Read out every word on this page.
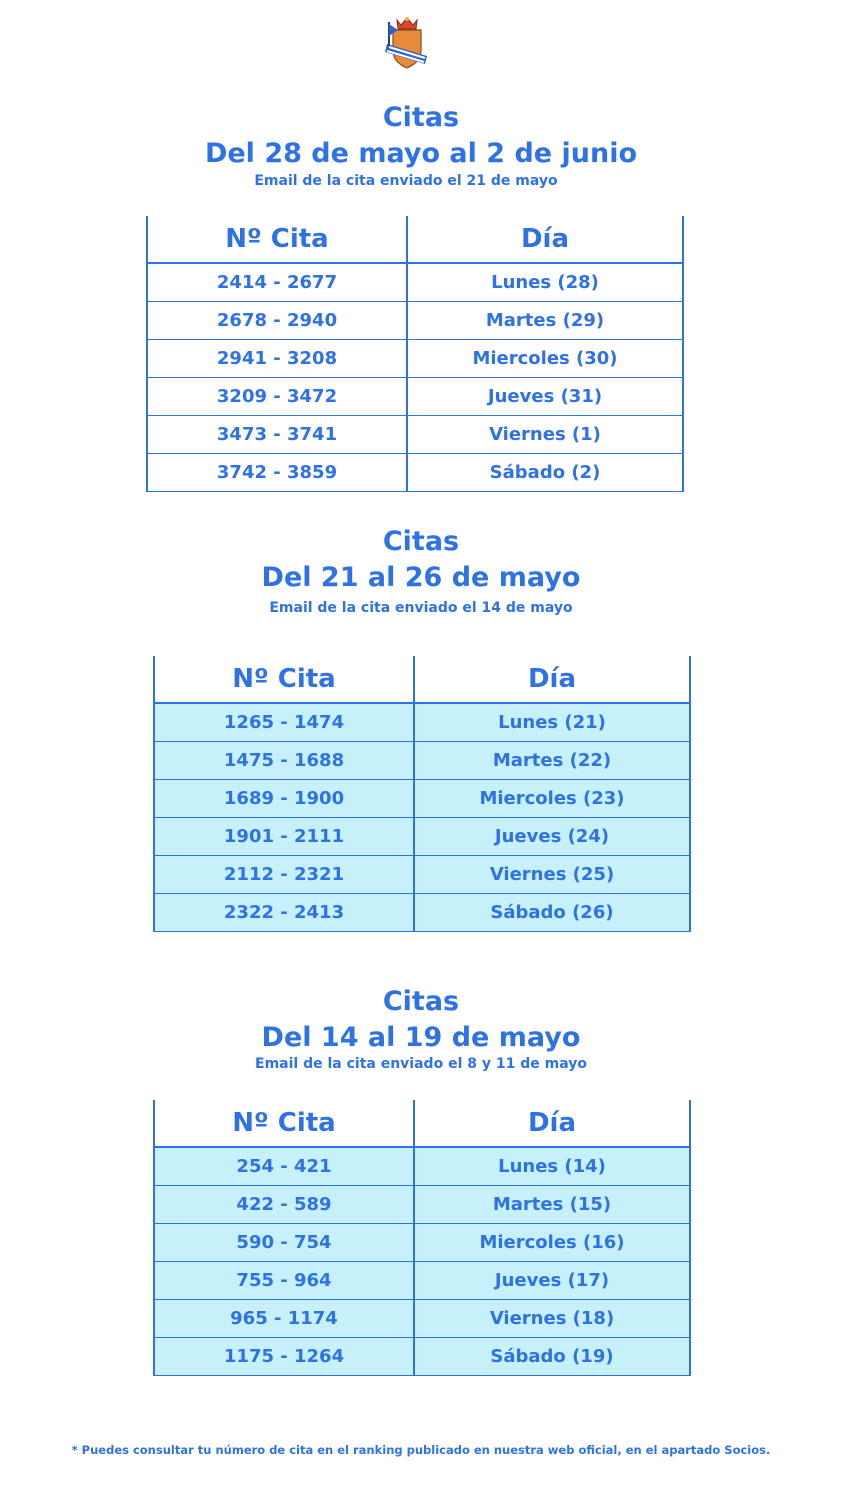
Citas
Del 28 de mayo al 2 de junio
Email de la cita enviado el 21 de mayo
Nº Cita	Día
2414 - 2677	Lunes (28)
2678 - 2940	Martes (29)
2941 - 3208	Miercoles (30)
3209 - 3472	Jueves (31)
3473 - 3741	Viernes (1)
3742 - 3859	Sábado (2)
Citas
Del 21 al 26 de mayo
Email de la cita enviado el 14 de mayo
Nº Cita	Día
1265 - 1474	Lunes (21)
1475 - 1688	Martes (22)
1689 - 1900	Miercoles (23)
1901 - 2111	Jueves (24)
2112 - 2321	Viernes (25)
2322 - 2413	Sábado (26)
Citas
Del 14 al 19 de mayo
Email de la cita enviado el 8 y 11 de mayo
Nº Cita	Día
254 - 421	Lunes (14)
422 - 589	Martes (15)
590 - 754	Miercoles (16)
755 - 964	Jueves (17)
965 - 1174	Viernes (18)
1175 - 1264	Sábado (19)
* Puedes consultar tu número de cita en el ranking publicado en nuestra web oficial, en el apartado Socios.
